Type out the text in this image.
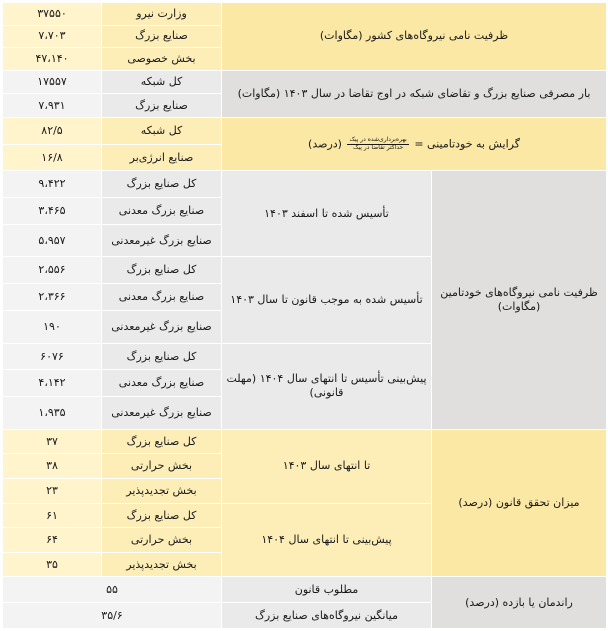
ظرفیت نامی نیروگاه‌های کشور (مگاوات)		وزارت نیرو	۳۷۵۵۰
		صنایع بزرگ	۷،۷۰۳
		بخش خصوصی	۴۷،۱۴۰
بار مصرفی صنایع بزرگ و تقاضای شبکه در اوج تقاضا در سال ۱۴۰۳ (مگاوات)		کل شبکه	۱۷۵۵۷
		صنایع بزرگ	۷،۹۳۱
گرایش به خودتامینی =
$\frac{\text{بهره‌برداری‌شده در پیک}}{\text{حداکثر تقاضا در پیک}}$
(درصد)		کل شبکه	۸۲/۵
		صنایع انرژی‌بر	۱۶/۸
ظرفیت نامی نیروگاه‌های خودتامین (مگاوات)	تأسیس شده تا اسفند ۱۴۰۳	کل صنایع بزرگ	۹،۴۲۲
		صنایع بزرگ معدنی	۳،۴۶۵
		صنایع بزرگ غیرمعدنی	۵،۹۵۷
	تأسیس شده به موجب قانون تا سال ۱۴۰۳	کل صنایع بزرگ	۲،۵۵۶
		صنایع بزرگ معدنی	۲،۳۶۶
		صنایع بزرگ غیرمعدنی	۱۹۰
	پیش‌بینی تأسیس تا انتهای سال ۱۴۰۴ (مهلت قانونی)	کل صنایع بزرگ	۶۰۷۶
		صنایع بزرگ معدنی	۴،۱۴۲
		صنایع بزرگ غیرمعدنی	۱،۹۳۵
میزان تحقق قانون (درصد)	تا انتهای سال ۱۴۰۳	کل صنایع بزرگ	۳۷
		بخش حرارتی	۳۸
		بخش تجدیدپذیر	۲۳
	پیش‌بینی تا انتهای سال ۱۴۰۴	کل صنایع بزرگ	۶۱
		بخش حرارتی	۶۴
		بخش تجدیدپذیر	۳۵
راندمان یا بازده (درصد)	مطلوب قانون	۵۵	
	میانگین نیروگاه‌های صنایع بزرگ	۳۵/۶	
